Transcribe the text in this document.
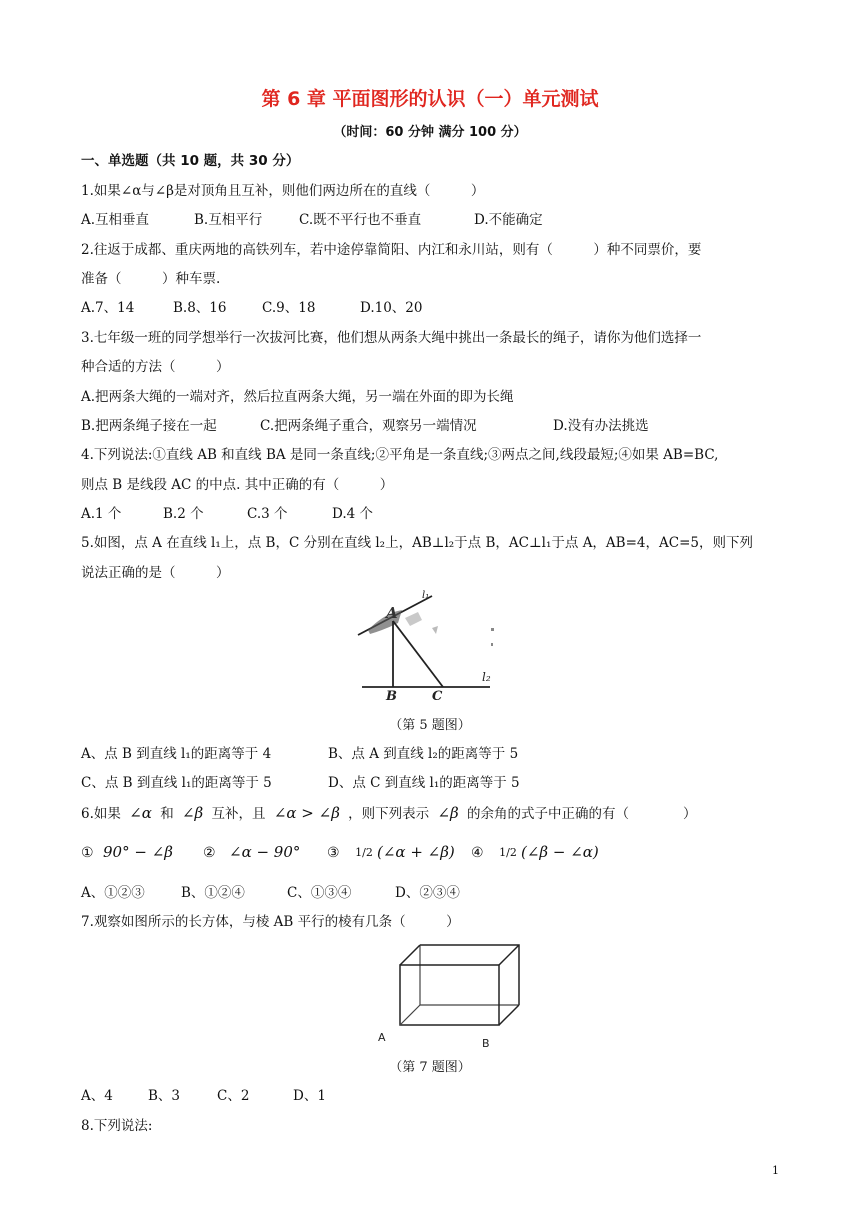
第 6 章 平面图形的认识（一）单元测试
（时间：60 分钟 满分 100 分）
一、单选题（共 10 题，共 30 分）
1.如果∠α与∠β是对顶角且互补，则他们两边所在的直线（　　　）
A.互相垂直	B.互相平行	C.既不平行也不垂直	D.不能确定
2.往返于成都、重庆两地的高铁列车，若中途停靠简阳、内江和永川站，则有（　　　）种不同票价，要
准备（　　　）种车票.
A.7、14	B.8、16	C.9、18	D.10、20
3.七年级一班的同学想举行一次拔河比赛，他们想从两条大绳中挑出一条最长的绳子，请你为他们选择一
种合适的方法（　　　）
A.把两条大绳的一端对齐，然后拉直两条大绳，另一端在外面的即为长绳
B.把两条绳子接在一起	C.把两条绳子重合，观察另一端情况	D.没有办法挑选
4.下列说法:①直线 AB 和直线 BA 是同一条直线;②平角是一条直线;③两点之间,线段最短;④如果 AB=BC,
则点 B 是线段 AC 的中点. 其中正确的有（　　　）
A.1 个	B.2 个	C.3 个	D.4 个
5.如图，点 A 在直线 l₁上，点 B，C 分别在直线 l₂上，AB⊥l₂于点 B，AC⊥l₁于点 A，AB=4，AC=5，则下列
说法正确的是（　　　）
A
B	C
l₁
l₂
（第 5 题图）
A、点 B 到直线 l₁的距离等于 4	B、点 A 到直线 l₂的距离等于 5
C、点 B 到直线 l₁的距离等于 5	D、点 C 到直线 l₁的距离等于 5
6.如果 ∠α 和 ∠β 互补，且 ∠α > ∠β ，则下列表示 ∠β 的余角的式子中正确的有（　　　　）
① 90° − ∠β ② ∠α − 90° ③ 1/2 (∠α + ∠β) ④ 1/2 (∠β − ∠α)
A、①②③	B、①②④	C、①③④	D、②③④
7.观察如图所示的长方体，与棱 AB 平行的棱有几条（　　　）
A	B
（第 7 题图）
A、4	B、3	C、2	D、1
8.下列说法:
1
